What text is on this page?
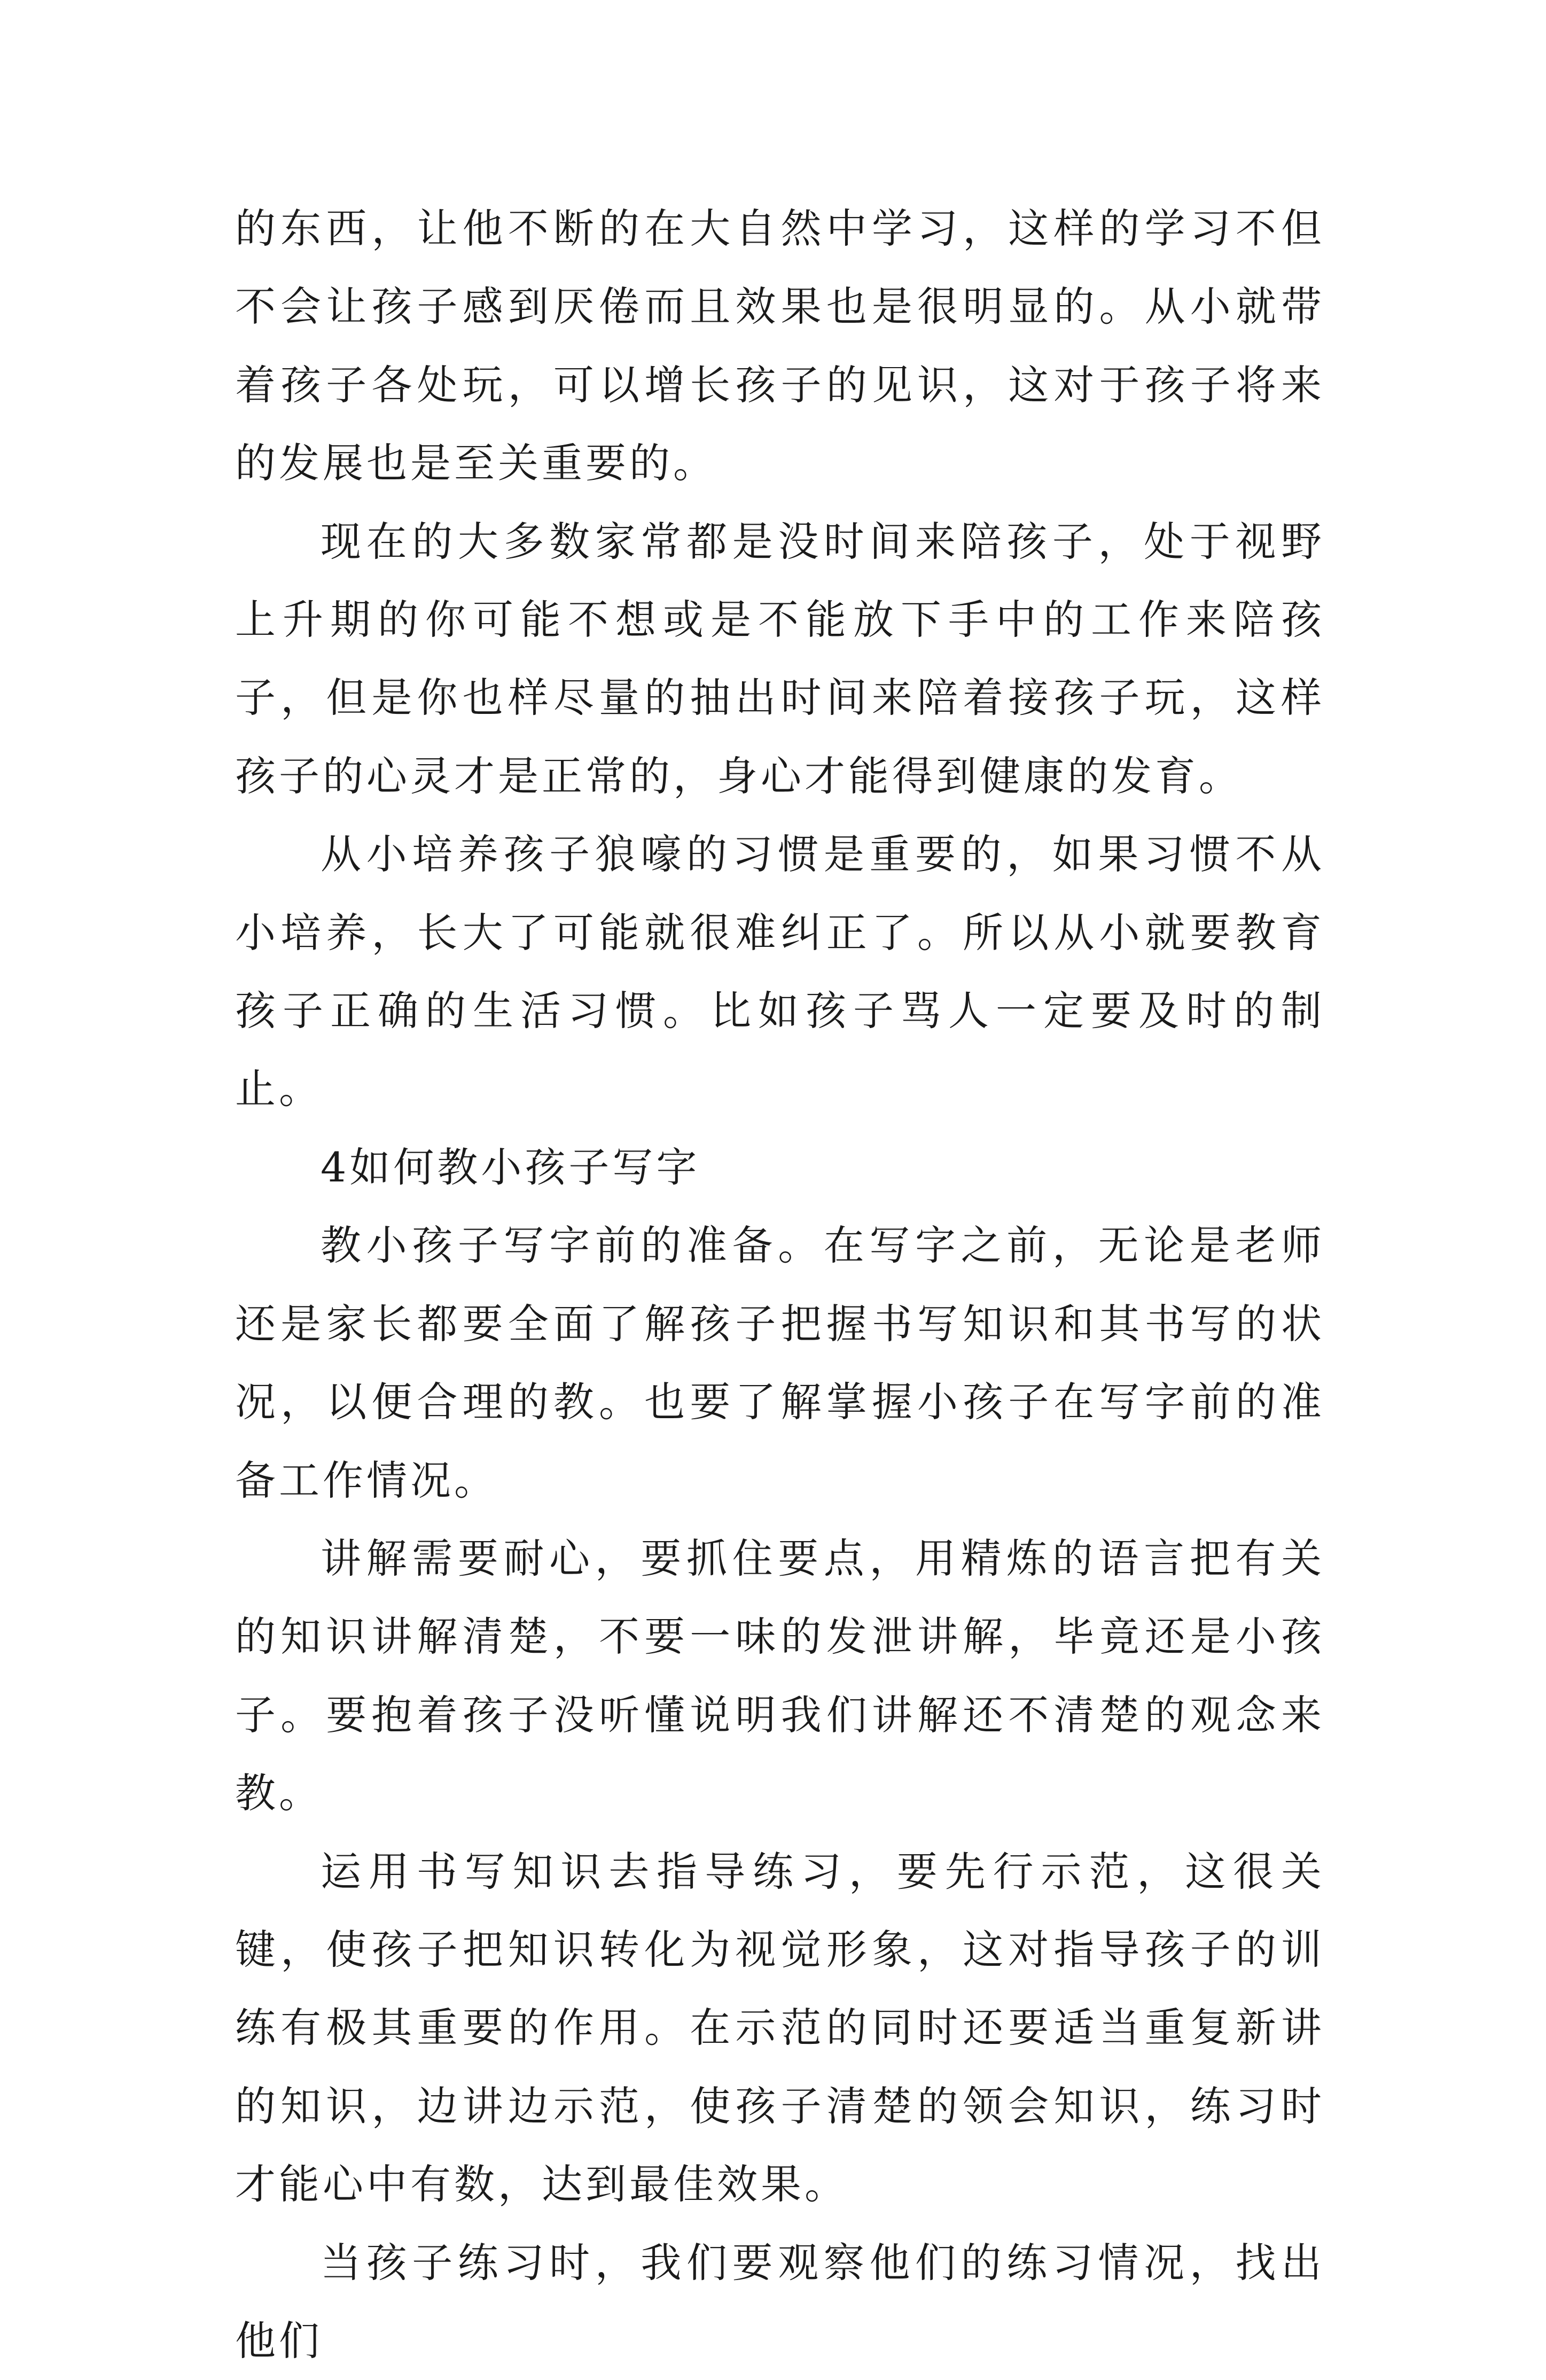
的东西，让他不断的在大自然中学习，这样的学习不但不会让孩子感到厌倦而且效果也是很明显的。从小就带着孩子各处玩，可以增长孩子的见识，这对于孩子将来的发展也是至关重要的。

现在的大多数家常都是没时间来陪孩子，处于视野上升期的你可能不想或是不能放下手中的工作来陪孩子，但是你也样尽量的抽出时间来陪着接孩子玩，这样孩子的心灵才是正常的，身心才能得到健康的发育。

从小培养孩子狼嚎的习惯是重要的，如果习惯不从小培养，长大了可能就很难纠正了。所以从小就要教育孩子正确的生活习惯。比如孩子骂人一定要及时的制止。

4如何教小孩子写字

教小孩子写字前的准备。在写字之前，无论是老师还是家长都要全面了解孩子把握书写知识和其书写的状况，以便合理的教。也要了解掌握小孩子在写字前的准备工作情况。

讲解需要耐心，要抓住要点，用精炼的语言把有关的知识讲解清楚，不要一味的发泄讲解，毕竟还是小孩子。要抱着孩子没听懂说明我们讲解还不清楚的观念来教。

运用书写知识去指导练习，要先行示范，这很关键，使孩子把知识转化为视觉形象，这对指导孩子的训练有极其重要的作用。在示范的同时还要适当重复新讲的知识，边讲边示范，使孩子清楚的领会知识，练习时才能心中有数，达到最佳效果。

当孩子练习时，我们要观察他们的练习情况，找出他们
